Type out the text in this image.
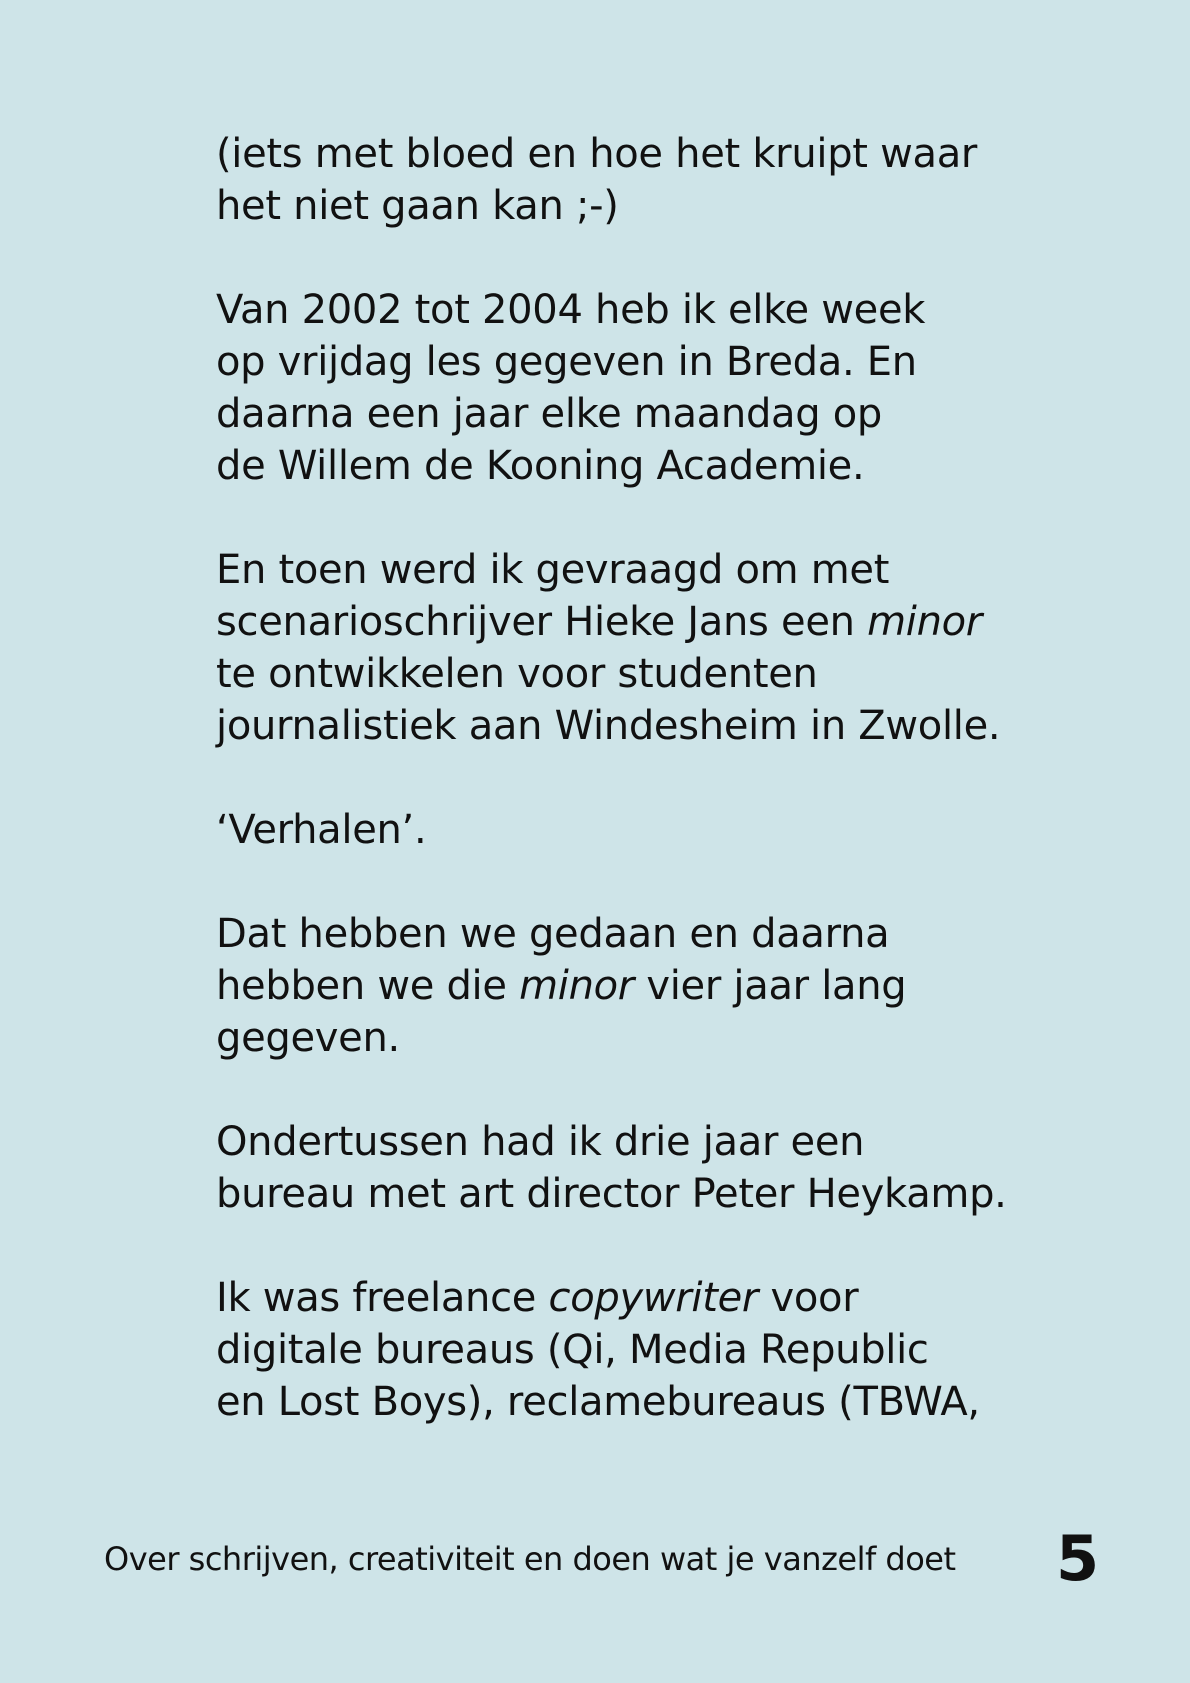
(iets met bloed en hoe het kruipt waar
het niet gaan kan ;-)

Van 2002 tot 2004 heb ik elke week
op vrijdag les gegeven in Breda. En
daarna een jaar elke maandag op
de Willem de Kooning Academie.

En toen werd ik gevraagd om met
scenarioschrijver Hieke Jans een minor
te ontwikkelen voor studenten
journalistiek aan Windesheim in Zwolle.

‘Verhalen’.

Dat hebben we gedaan en daarna
hebben we die minor vier jaar lang
gegeven.

Ondertussen had ik drie jaar een
bureau met art director Peter Heykamp.

Ik was freelance copywriter voor
digitale bureaus (Qi, Media Republic
en Lost Boys), reclamebureaus (TBWA,

Over schrijven, creativiteit en doen wat je vanzelf doet 5
